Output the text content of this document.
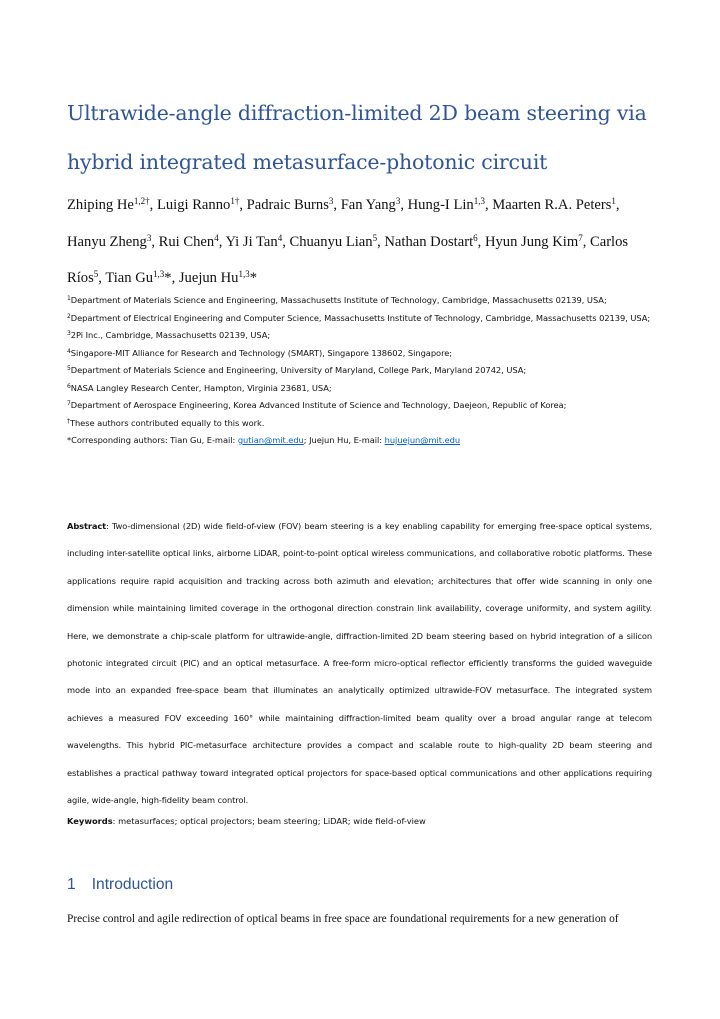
Ultrawide-angle diffraction-limited 2D beam steering via
hybrid integrated metasurface-photonic circuit
Zhiping $He^{1,2\dagger}$, Luigi Ranno$^{1\dagger}$, Padraic Burns$^3$, Fan Yang$^3$, Hung-I Lin$^{1,3}$, Maarten R.A. Peters$^1$,
Hanyu Zheng$^3$, Rui Chen$^4$, Yi Ji Tan$^4$, Chuanyu Lian$^5$, Nathan Dostart$^6$, Hyun Jung Kim$^7$, Carlos
Ríos$^5$, Tian Gu$^{1,3}$*, Juejun Hu$^{1,3}$*
$^1$Department of Materials Science and Engineering, Massachusetts Institute of Technology, Cambridge, Massachusetts 02139, USA;
$^2$Department of Electrical Engineering and Computer Science, Massachusetts Institute of Technology, Cambridge, Massachusetts 02139, USA;
$^3$2Pi Inc., Cambridge, Massachusetts 02139, USA;
$^4$Singapore-MIT Alliance for Research and Technology (SMART), Singapore 138602, Singapore;
$^5$Department of Materials Science and Engineering, University of Maryland, College Park, Maryland 20742, USA;
$^6$NASA Langley Research Center, Hampton, Virginia 23681, USA;
$^7$Department of Aerospace Engineering, Korea Advanced Institute of Science and Technology, Daejeon, Republic of Korea;
†These authors contributed equally to this work.
*Corresponding authors: Tian Gu, E-mail: gutian@mit.edu; Juejun Hu, E-mail: hujuejun@mit.edu
Abstract: Two-dimensional (2D) wide field-of-view (FOV) beam steering is a key enabling capability for emerging free-space optical systems, including inter-satellite optical links, airborne LiDAR, point-to-point optical wireless communications, and collaborative robotic platforms. These applications require rapid acquisition and tracking across both azimuth and elevation; architectures that offer wide scanning in only one dimension while maintaining limited coverage in the orthogonal direction constrain link availability, coverage uniformity, and system agility. Here, we demonstrate a chip-scale platform for ultrawide-angle, diffraction-limited 2D beam steering based on hybrid integration of a silicon photonic integrated circuit (PIC) and an optical metasurface. A free-form micro-optical reflector efficiently transforms the guided waveguide mode into an expanded free-space beam that illuminates an analytically optimized ultrawide-FOV metasurface. The integrated system achieves a measured FOV exceeding 160° while maintaining diffraction-limited beam quality over a broad angular range at telecom wavelengths. This hybrid PIC-metasurface architecture provides a compact and scalable route to high-quality 2D beam steering and establishes a practical pathway toward integrated optical projectors for space-based optical communications and other applications requiring agile, wide-angle, high-fidelity beam control.
Keywords: metasurfaces; optical projectors; beam steering; LiDAR; wide field-of-view
1 Introduction
Precise control and agile redirection of optical beams in free space are foundational requirements for a new generation of
